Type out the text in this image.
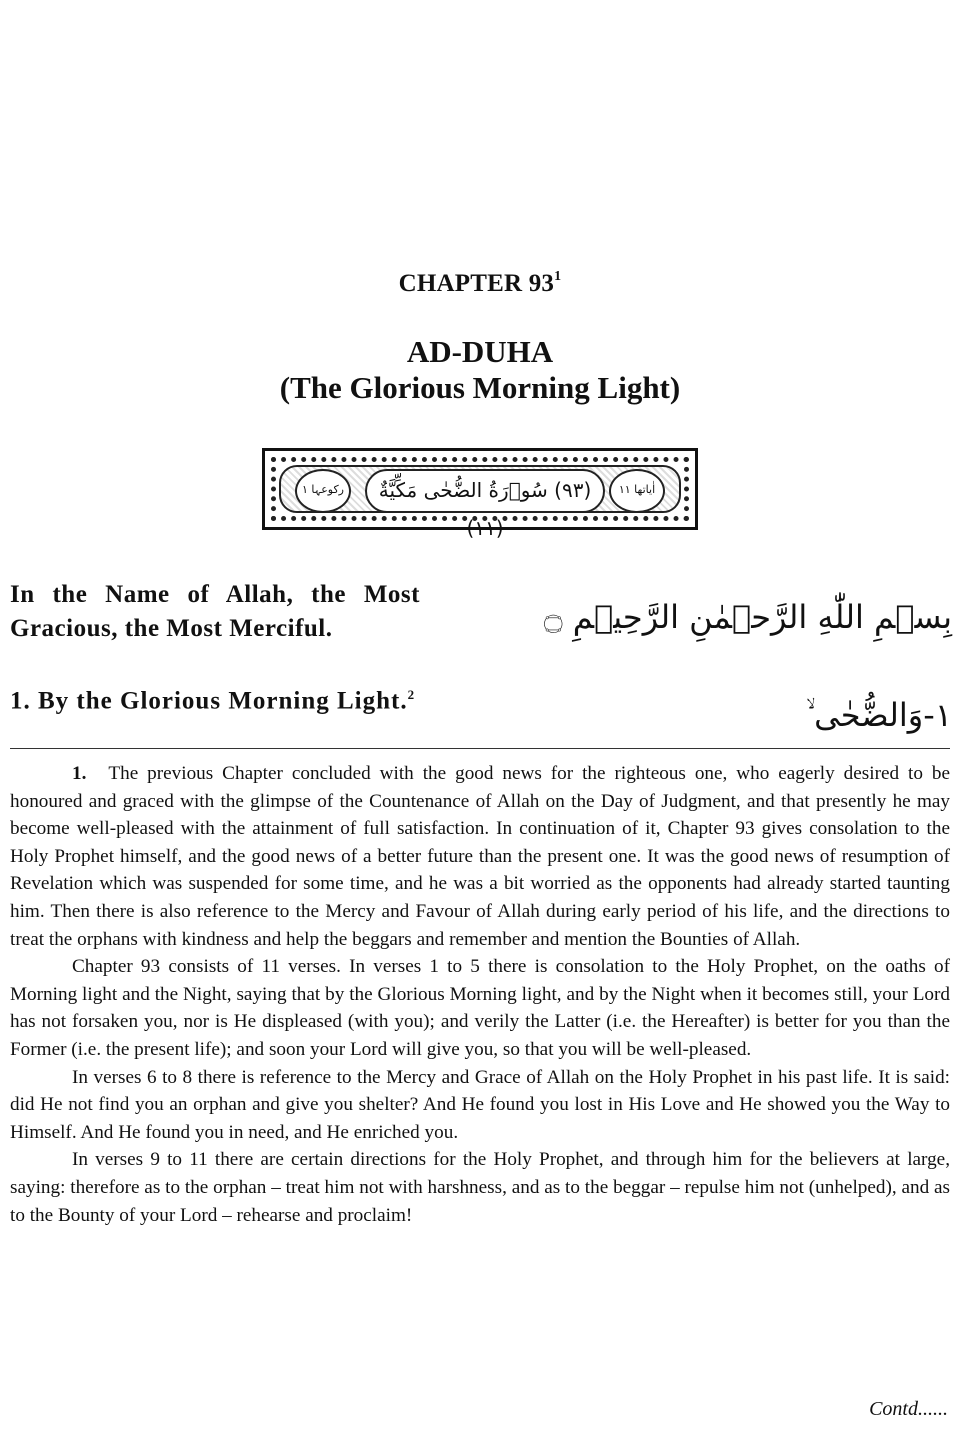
CHAPTER $93^1$
AD-DUHA
(The Glorious Morning Light)
رکوعہا ١	(٩٣) سُوۡرَةُ الضُّحٰى مَكِّيَّةٌ (١١)
اٰیاتھا ١١
In the Name of Allah, the Most Gracious, the Most Merciful.	بِسۡمِ اللّٰهِ الرَّحۡمٰنِ الرَّحِيۡمِ ۝
1. By the Glorious Morning Light.$^2$
١-وَالضُّحٰى ۙ

1. The previous Chapter concluded with the good news for the righteous one, who eagerly desired to be honoured and graced with the glimpse of the Countenance of Allah on the Day of Judgment, and that presently he may become well-pleased with the attainment of full satisfaction. In continuation of it, Chapter 93 gives consolation to the Holy Prophet himself, and the good news of a better future than the present one. It was the good news of resumption of Revelation which was suspended for some time, and he was a bit worried as the opponents had already started taunting him. Then there is also reference to the Mercy and Favour of Allah during early period of his life, and the directions to treat the orphans with kindness and help the beggars and remember and mention the Bounties of Allah.

Chapter 93 consists of 11 verses. In verses 1 to 5 there is consolation to the Holy Prophet, on the oaths of Morning light and the Night, saying that by the Glorious Morning light, and by the Night when it becomes still, your Lord has not forsaken you, nor is He displeased (with you); and verily the Latter (i.e. the Hereafter) is better for you than the Former (i.e. the present life); and soon your Lord will give you, so that you will be well-pleased.

In verses 6 to 8 there is reference to the Mercy and Grace of Allah on the Holy Prophet in his past life. It is said: did He not find you an orphan and give you shelter? And He found you lost in His Love and He showed you the Way to Himself. And He found you in need, and He enriched you.

In verses 9 to 11 there are certain directions for the Holy Prophet, and through him for the believers at large, saying: therefore as to the orphan – treat him not with harshness, and as to the beggar – repulse him not (unhelped), and as to the Bounty of your Lord – rehearse and proclaim!

Contd......
